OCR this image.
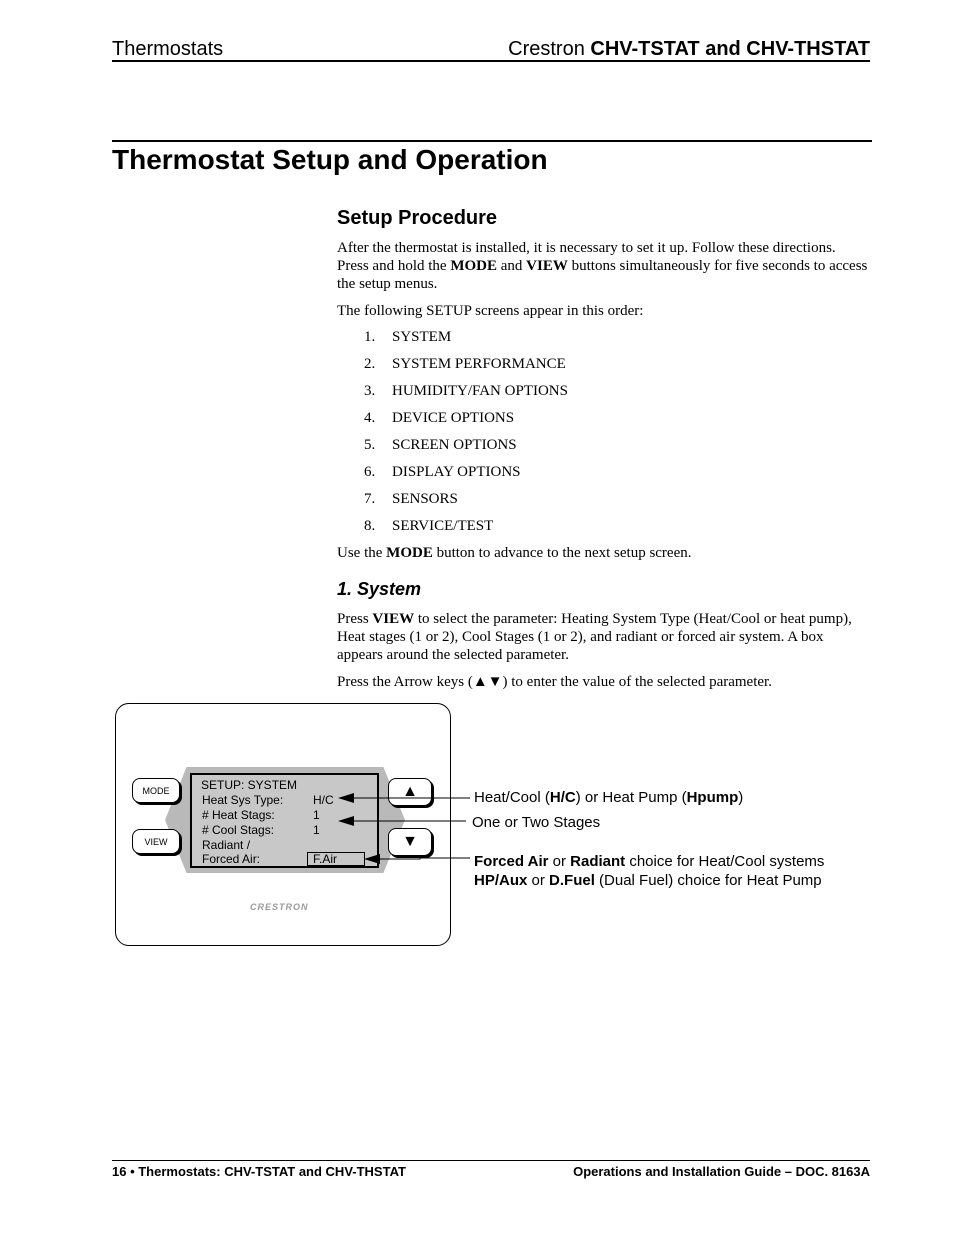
Thermostats	Crestron CHV-TSTAT and CHV-THSTAT
Thermostat Setup and Operation
Setup Procedure
After the thermostat is installed, it is necessary to set it up. Follow these directions. Press and hold the MODE and VIEW buttons simultaneously for five seconds to access the setup menus.
The following SETUP screens appear in this order:
1. SYSTEM
2. SYSTEM PERFORMANCE
3. HUMIDITY/FAN OPTIONS
4. DEVICE OPTIONS
5. SCREEN OPTIONS
6. DISPLAY OPTIONS
7. SENSORS
8. SERVICE/TEST
Use the MODE button to advance to the next setup screen.
1. System
Press VIEW to select the parameter: Heating System Type (Heat/Cool or heat pump), Heat stages (1 or 2), Cool Stages (1 or 2), and radiant or forced air system. A box appears around the selected parameter.
Press the Arrow keys (▲▼) to enter the value of the selected parameter.
SETUP: SYSTEM
Heat Sys Type: H/C
# Heat Stags:	1
# Cool Stags:	1
Radiant /
Forced Air:	F.Air
MODE
VIEW
▲
▼
CRESTRON
Heat/Cool (H/C) or Heat Pump (Hpump)
One or Two Stages
Forced Air or Radiant choice for Heat/Cool systems
HP/Aux or D.Fuel (Dual Fuel) choice for Heat Pump
16 • Thermostats: CHV-TSTAT and CHV-THSTAT	Operations and Installation Guide – DOC. 8163A
